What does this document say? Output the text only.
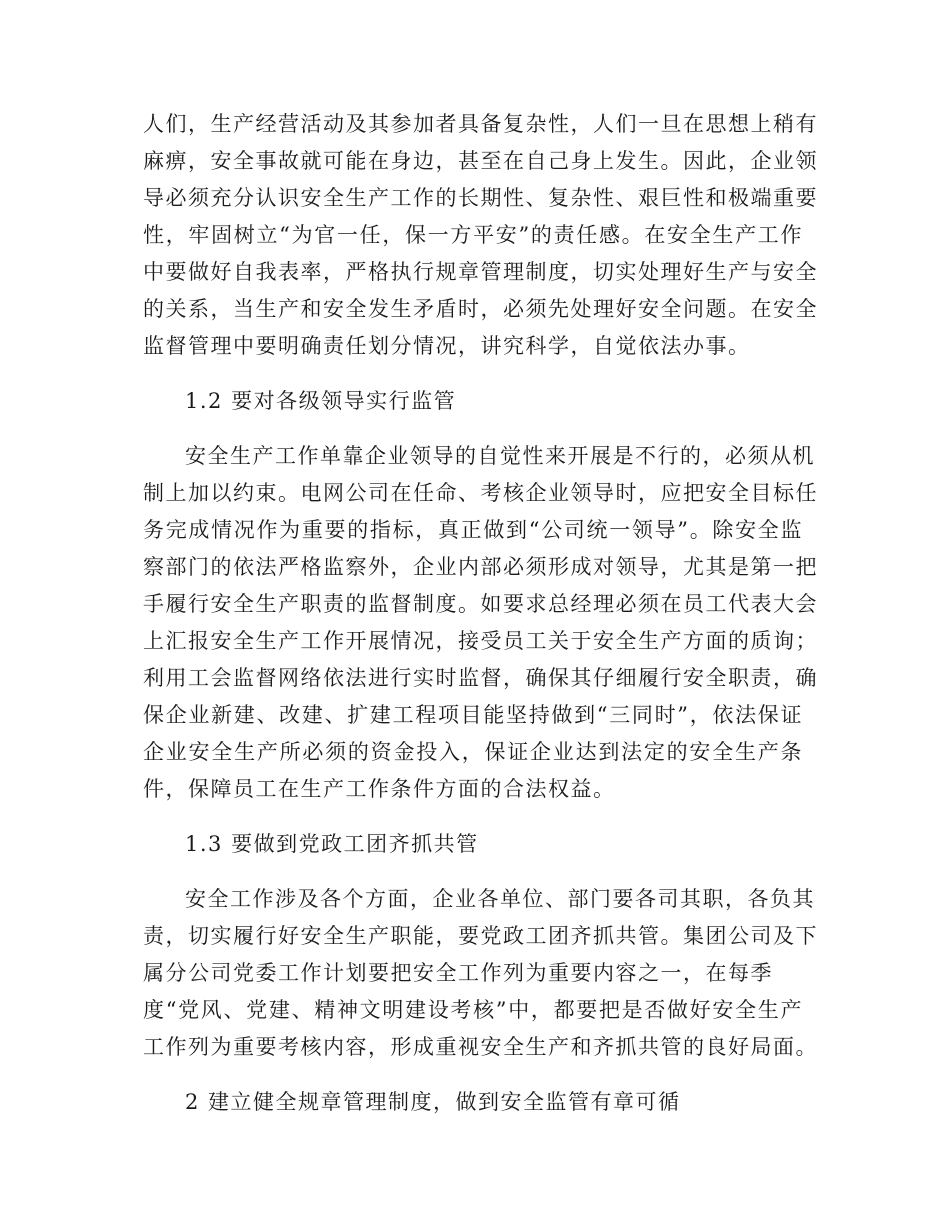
人们，生产经营活动及其参加者具备复杂性，人们一旦在思想上稍有
麻痹，安全事故就可能在身边，甚至在自己身上发生。因此，企业领
导必须充分认识安全生产工作的长期性、复杂性、艰巨性和极端重要
性，牢固树立“为官一任，保一方平安”的责任感。在安全生产工作
中要做好自我表率，严格执行规章管理制度，切实处理好生产与安全
的关系，当生产和安全发生矛盾时，必须先处理好安全问题。在安全
监督管理中要明确责任划分情况，讲究科学，自觉依法办事。
1.2 要对各级领导实行监管
安全生产工作单靠企业领导的自觉性来开展是不行的，必须从机
制上加以约束。电网公司在任命、考核企业领导时，应把安全目标任
务完成情况作为重要的指标，真正做到“公司统一领导”。除安全监
察部门的依法严格监察外，企业内部必须形成对领导，尤其是第一把
手履行安全生产职责的监督制度。如要求总经理必须在员工代表大会
上汇报安全生产工作开展情况，接受员工关于安全生产方面的质询；
利用工会监督网络依法进行实时监督，确保其仔细履行安全职责，确
保企业新建、改建、扩建工程项目能坚持做到“三同时”，依法保证
企业安全生产所必须的资金投入，保证企业达到法定的安全生产条
件，保障员工在生产工作条件方面的合法权益。
1.3 要做到党政工团齐抓共管
安全工作涉及各个方面，企业各单位、部门要各司其职，各负其
责，切实履行好安全生产职能，要党政工团齐抓共管。集团公司及下
属分公司党委工作计划要把安全工作列为重要内容之一，在每季
度“党风、党建、精神文明建设考核”中，都要把是否做好安全生产
工作列为重要考核内容，形成重视安全生产和齐抓共管的良好局面。
2 建立健全规章管理制度，做到安全监管有章可循
